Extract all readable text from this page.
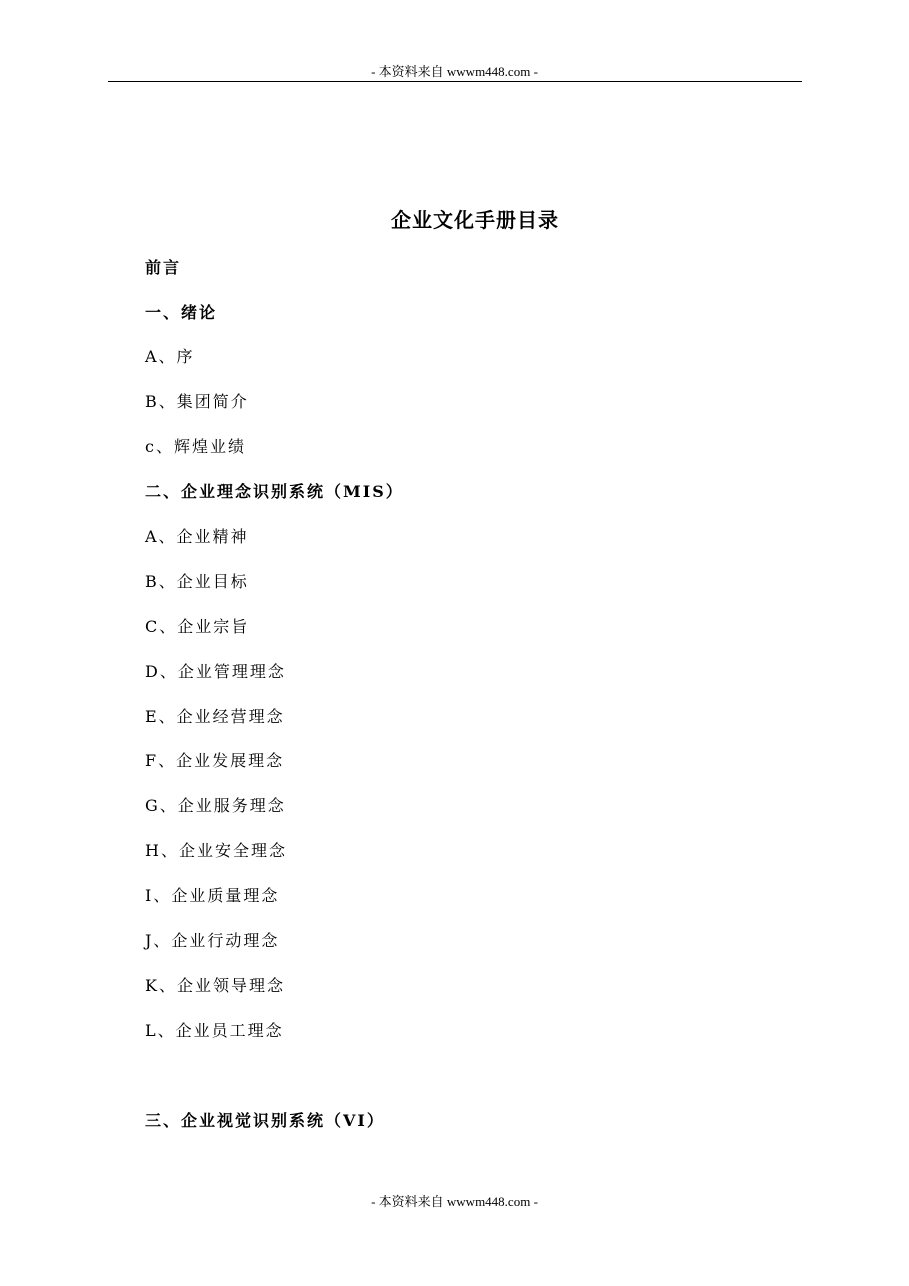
- 本资料来自 wwwm448.com -
企业文化手册目录
前言
一、绪论
A、序
B、集团简介
c、辉煌业绩
二、企业理念识别系统（MIS）
A、企业精神
B、企业目标
C、企业宗旨
D、企业管理理念
E、企业经营理念
F、企业发展理念
G、企业服务理念
H、企业安全理念
I、企业质量理念
J、企业行动理念
K、企业领导理念
L、企业员工理念
三、企业视觉识别系统（VI）
- 本资料来自 wwwm448.com -
